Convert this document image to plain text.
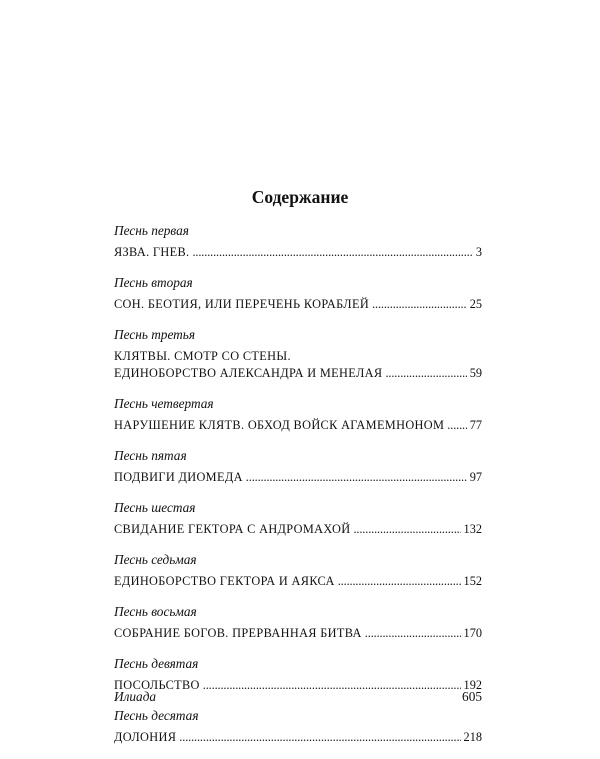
Содержание
Песнь первая
ЯЗВА. ГНЕВ. . . .	3
Песнь вторая
СОН. БЕОТИЯ, ИЛИ ПЕРЕЧЕНЬ КОРАБЛЕЙ . . .	25
Песнь третья
КЛЯТВЫ. СМОТР СО СТЕНЫ.
ЕДИНОБОРСТВО АЛЕКСАНДРА И МЕНЕЛАЯ . . .	59
Песнь четвертая
НАРУШЕНИЕ КЛЯТВ. ОБХОД ВОЙСК АГАМЕМНОНОМ . . . 77
Песнь пятая
ПОДВИГИ ДИОМЕДА . . .	97
Песнь шестая
СВИДАНИЕ ГЕКТОРА С АНДРОМАХОЙ . . .	132
Песнь седьмая
ЕДИНОБОРСТВО ГЕКТОРА И АЯКСА . . .	152
Песнь восьмая
СОБРАНИЕ БОГОВ. ПРЕРВАННАЯ БИТВА . . .	170
Песнь девятая
ПОСОЛЬСТВО . . .	192
Песнь десятая
ДОЛОНИЯ . . .	218
Илиада	605
